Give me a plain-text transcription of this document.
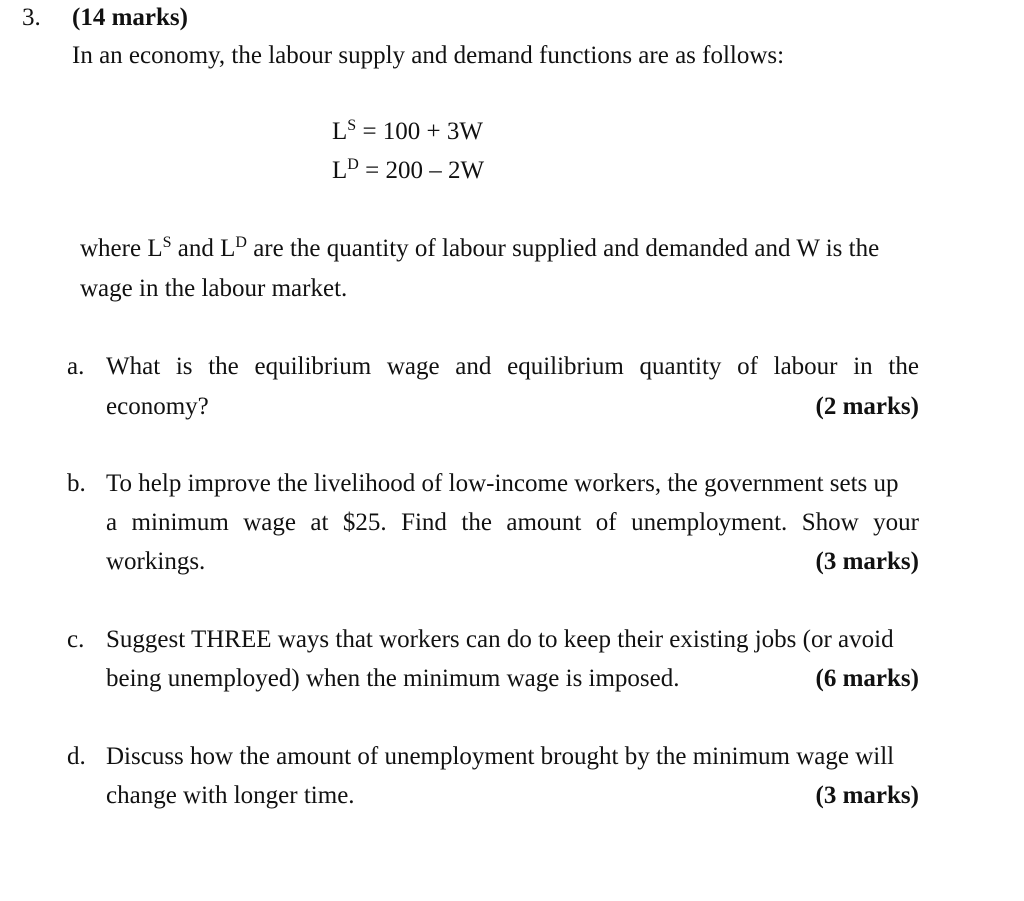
3. (14 marks)
In an economy, the labour supply and demand functions are as follows:
$L^S = 100 + 3W$
$L^D = 200 - 2W$
where $L^S$ and $L^D$ are the quantity of labour supplied and demanded and W is the
wage in the labour market.
a. What is the equilibrium wage and equilibrium quantity of labour in the
economy?	(2 marks)
b. To help improve the livelihood of low-income workers, the government sets up
a minimum wage at $25. Find the amount of unemployment. Show your
workings.	(3 marks)
c. Suggest THREE ways that workers can do to keep their existing jobs (or avoid
being unemployed) when the minimum wage is imposed.	(6 marks)
d. Discuss how the amount of unemployment brought by the minimum wage will
change with longer time.	(3 marks)
